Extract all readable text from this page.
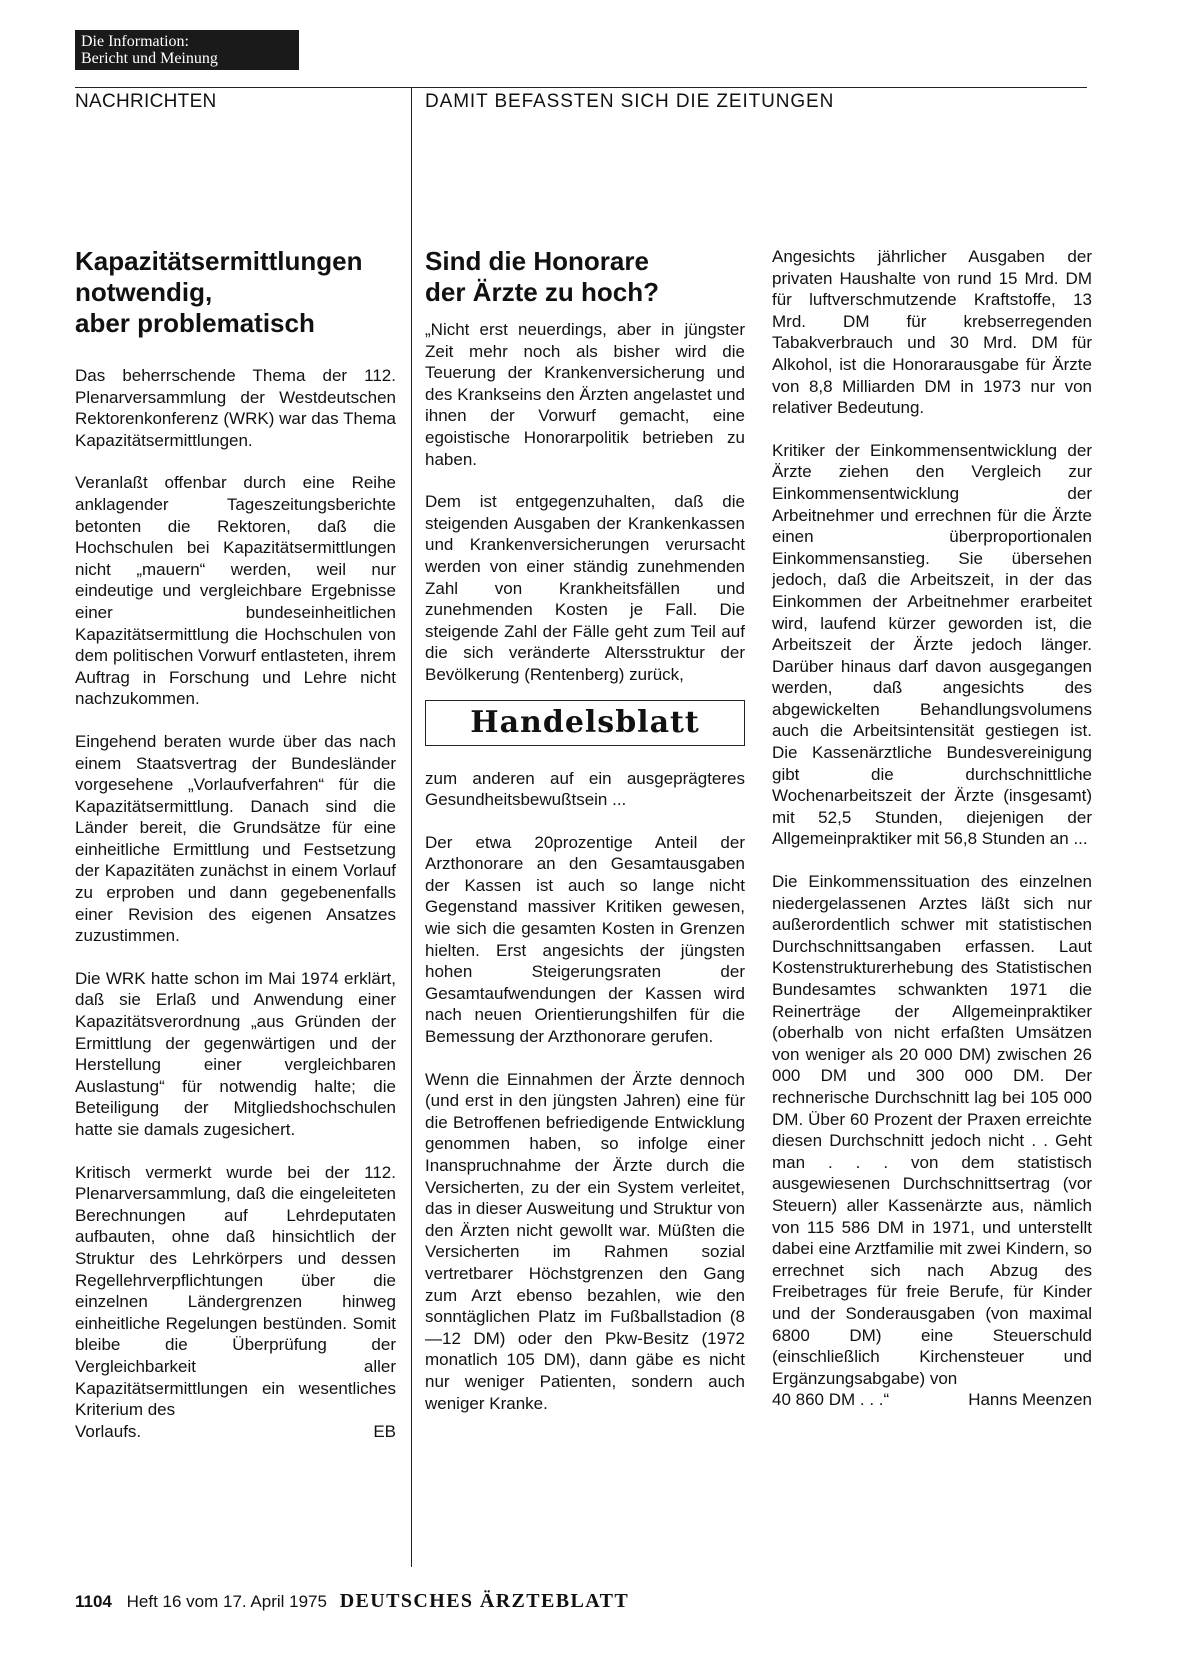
Die Information:
Bericht und Meinung
NACHRICHTEN	DAMIT BEFASSTEN SICH DIE ZEITUNGEN
Kapazitätsermittlungen
notwendig,
aber problematisch

Das beherrschende Thema der 112. Plenarversammlung der Westdeutschen Rektorenkonferenz (WRK) war das Thema Kapazitätsermittlungen.

Veranlaßt offenbar durch eine Reihe anklagender Tageszeitungsberichte betonten die Rektoren, daß die Hochschulen bei Kapazitätsermittlungen nicht „mauern“ werden, weil nur eindeutige und vergleichbare Ergebnisse einer bundeseinheitlichen Kapazitätsermittlung die Hochschulen von dem politischen Vorwurf entlasteten, ihrem Auftrag in Forschung und Lehre nicht nachzukommen.

Eingehend beraten wurde über das nach einem Staatsvertrag der Bundesländer vorgesehene „Vorlaufverfahren“ für die Kapazitätsermittlung. Danach sind die Länder bereit, die Grundsätze für eine einheitliche Ermittlung und Festsetzung der Kapazitäten zunächst in einem Vorlauf zu erproben und dann gegebenenfalls einer Revision des eigenen Ansatzes zuzustimmen.

Die WRK hatte schon im Mai 1974 erklärt, daß sie Erlaß und Anwendung einer Kapazitätsverordnung „aus Gründen der Ermittlung der gegenwärtigen und der Herstellung einer vergleichbaren Auslastung“ für notwendig halte; die Beteiligung der Mitgliedshochschulen hatte sie damals zugesichert.

Kritisch vermerkt wurde bei der 112. Plenarversammlung, daß die eingeleiteten Berechnungen auf Lehrdeputaten aufbauten, ohne daß hinsichtlich der Struktur des Lehrkörpers und dessen Regellehrverpflichtungen über die einzelnen Ländergrenzen hinweg einheitliche Regelungen bestünden. Somit bleibe die Überprüfung der Vergleichbarkeit aller Kapazitätsermittlungen ein wesentliches Kriterium des
Vorlaufs.	EB

Sind die Honorare
der Ärzte zu hoch?

„Nicht erst neuerdings, aber in jüngster Zeit mehr noch als bisher wird die Teuerung der Krankenversicherung und des Krankseins den Ärzten angelastet und ihnen der Vorwurf gemacht, eine egoistische Honorarpolitik betrieben zu haben.

Dem ist entgegenzuhalten, daß die steigenden Ausgaben der Krankenkassen und Krankenversicherungen verursacht werden von einer ständig zunehmenden Zahl von Krankheitsfällen und zunehmenden Kosten je Fall. Die steigende Zahl der Fälle geht zum Teil auf die sich veränderte Altersstruktur der Bevölkerung (Rentenberg) zurück,

Handelsblatt

zum anderen auf ein ausgeprägteres Gesundheitsbewußtsein ...

Der etwa 20prozentige Anteil der Arzthonorare an den Gesamtausgaben der Kassen ist auch so lange nicht Gegenstand massiver Kritiken gewesen, wie sich die gesamten Kosten in Grenzen hielten. Erst angesichts der jüngsten hohen Steigerungsraten der Gesamtaufwendungen der Kassen wird nach neuen Orientierungshilfen für die Bemessung der Arzthonorare gerufen.

Wenn die Einnahmen der Ärzte dennoch (und erst in den jüngsten Jahren) eine für die Betroffenen befriedigende Entwicklung genommen haben, so infolge einer Inanspruchnahme der Ärzte durch die Versicherten, zu der ein System verleitet, das in dieser Ausweitung und Struktur von den Ärzten nicht gewollt war. Müßten die Versicherten im Rahmen sozial vertretbarer Höchstgrenzen den Gang zum Arzt ebenso bezahlen, wie den sonntäglichen Platz im Fußballstadion (8—12 DM) oder den Pkw-Besitz (1972 monatlich 105 DM), dann gäbe es nicht nur weniger Patienten, sondern auch weniger Kranke.

Angesichts jährlicher Ausgaben der privaten Haushalte von rund 15 Mrd. DM für luftverschmutzende Kraftstoffe, 13 Mrd. DM für krebserregenden Tabakverbrauch und 30 Mrd. DM für Alkohol, ist die Honorarausgabe für Ärzte von 8,8 Milliarden DM in 1973 nur von relativer Bedeutung.

Kritiker der Einkommensentwicklung der Ärzte ziehen den Vergleich zur Einkommensentwicklung der Arbeitnehmer und errechnen für die Ärzte einen überproportionalen Einkommensanstieg. Sie übersehen jedoch, daß die Arbeitszeit, in der das Einkommen der Arbeitnehmer erarbeitet wird, laufend kürzer geworden ist, die Arbeitszeit der Ärzte jedoch länger. Darüber hinaus darf davon ausgegangen werden, daß angesichts des abgewickelten Behandlungsvolumens auch die Arbeitsintensität gestiegen ist. Die Kassenärztliche Bundesvereinigung gibt die durchschnittliche Wochenarbeitszeit der Ärzte (insgesamt) mit 52,5 Stunden, diejenigen der Allgemeinpraktiker mit 56,8 Stunden an ...

Die Einkommenssituation des einzelnen niedergelassenen Arztes läßt sich nur außerordentlich schwer mit statistischen Durchschnittsangaben erfassen. Laut Kostenstrukturerhebung des Statistischen Bundesamtes schwankten 1971 die Reinerträge der Allgemeinpraktiker (oberhalb von nicht erfaßten Umsätzen von weniger als 20 000 DM) zwischen 26 000 DM und 300 000 DM. Der rechnerische Durchschnitt lag bei 105 000 DM. Über 60 Prozent der Praxen erreichte diesen Durchschnitt jedoch nicht . . Geht man . . . von dem statistisch ausgewiesenen Durchschnittsertrag (vor Steuern) aller Kassenärzte aus, nämlich von 115 586 DM in 1971, und unterstellt dabei eine Arztfamilie mit zwei Kindern, so errechnet sich nach Abzug des Freibetrages für freie Berufe, für Kinder und der Sonderausgaben (von maximal 6800 DM) eine Steuerschuld (einschließlich Kirchensteuer und Ergänzungsabgabe) von
40 860 DM . . .“	Hanns Meenzen

1104 Heft 16 vom 17. April 1975 DEUTSCHES ÄRZTEBLATT
